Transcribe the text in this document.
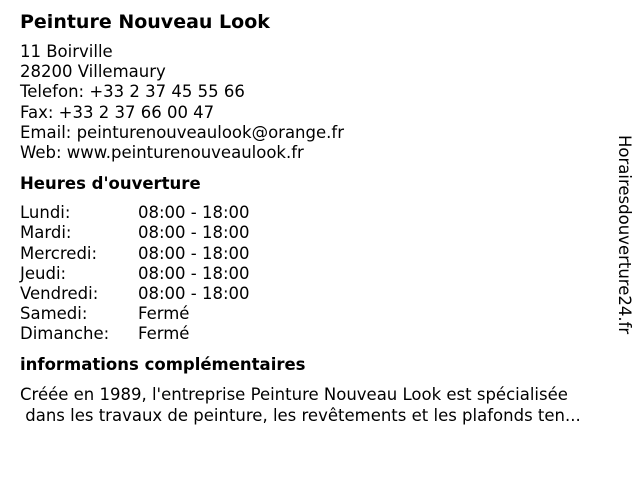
Peinture Nouveau Look
11 Boirville
28200 Villemaury
Telefon: +33 2 37 45 55 66
Fax: +33 2 37 66 00 47
Email: peinturenouveaulook@orange.fr
Web: www.peinturenouveaulook.fr
Heures d'ouverture
Lundi:	08:00 - 18:00
Mardi:	08:00 - 18:00
Mercredi:	08:00 - 18:00
Jeudi:	08:00 - 18:00
Vendredi:	08:00 - 18:00
Samedi:	Fermé
Dimanche:	Fermé
informations complémentaires
Créée en 1989, l'entreprise Peinture Nouveau Look est spécialisée
dans les travaux de peinture, les revêtements et les plafonds ten...
Horairesdouverture24.fr
